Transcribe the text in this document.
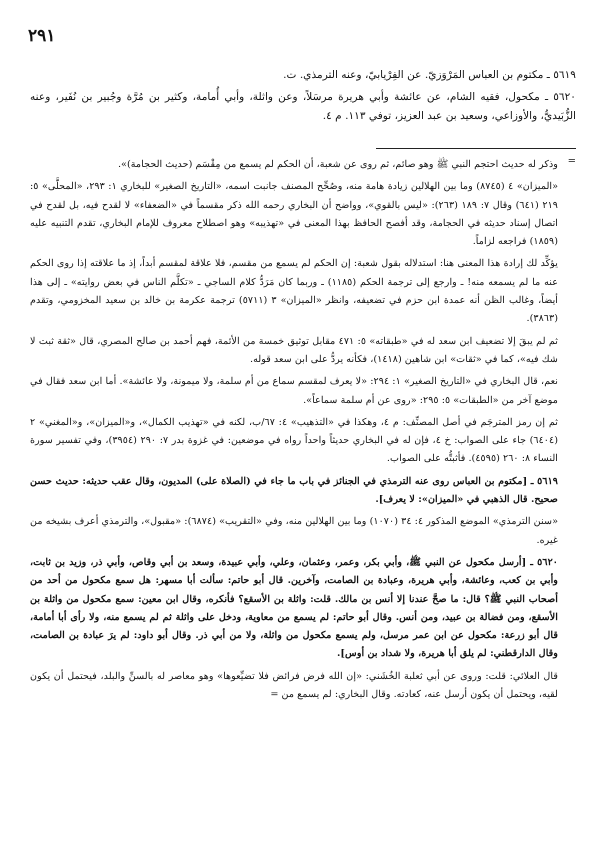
٢٩١

٥٦١٩ ـ مكتوم بن العباس المَرْوَزيّ. عن الفِرْيابيّ، وعنه الترمذي. ت.

٥٦٢٠ ـ مكحول، فقيه الشام، عن عائشة وأبي هريرة مرسَلاً، وعن واثلة، وأبي أُمامة، وكثير بن مُرَّة وجُبير بن نُفَير، وعنه الزُّبَيديُّ، والأوزاعي، وسعيد بن عبد العزيز، توفي ١١٣. م ٤.

=

وذكر له حديث احتجم النبي ﷺ وهو صائم، ثم روى عن شعبة، أن الحكم لم يسمع من مِقْسَم (حديث الحجامة)».

«الميزان» ٤ (٨٧٤٥) وما بين الهلالين زيادة هامة منه، وصُحِّح المصنف جانبت اسمه، «التاريخ الصغير» للبخاري ١: ٢٩٣، «المحلَّى» ٥: ٢١٩ (٦٤١) وقال ٧: ١٨٩ (٢٦٣): «ليس بالقوي»، وواضح أن البخاري رحمه الله ذكر مقسماً في «الضعفاء» لا لقدح فيه، بل لقدح في اتصال إسناد حديثه في الحجامة، وقد أفصح الحافظ بهذا المعنى في «تهذيبه» وهو اصطلاح معروف للإمام البخاري، تقدم التنبيه عليه (١٨٥٩) فراجعه لزاماً.

يؤكِّد لك إرادة هذا المعنى هنا: استدلاله بقول شعبة: إن الحكم لم يسمع من مقسم، فلا علاقة لمقسم أبداً، إذ ما علاقته إذا روى الحكم عنه ما لم يسمعه منه! ـ وارجع إلى ترجمة الحكم (١١٨٥) ـ وربما كان مَرَدُّ كلام الساجي ـ «تكلَّم الناس في بعض روايته» ـ إلى هذا أيضاً، وغالب الظن أنه عمدة ابن حزم في تضعيفه، وانظر «الميزان» ٣ (٥٧١١) ترجمة عكرمة بن خالد بن سعيد المخزومي، وتقدم (٣٨٦٣).

ثم لم يبقَ إلا تضعيف ابن سعد له في «طبقاته» ٥: ٤٧١ مقابل توثيق خمسة من الأئمة، فهم أحمد بن صالح المصري، قال «ثقة ثبت لا شك فيه»، كما في «ثقات» ابن شاهين (١٤١٨)، فكأنه يردُّ على ابن سعد قوله.

نعم، قال البخاري في «التاريخ الصغير» ١: ٢٩٤: «لا يعرف لمقسم سماع من أم سلمة، ولا ميمونة، ولا عائشة». أما ابن سعد فقال في موضع آخر من «الطبقات» ٥: ٢٩٥: «روى عن أم سلمة سماعاً».

ثم إن رمز المترجَم في أصل المصنِّف: م ٤، وهكذا في «التذهيب» ٤: ٦٧/ب، لكنه في «تهذيب الكمال»، و«الميزان»، و«المغني» ٢ (٦٤٠٤) جاء على الصواب: خ ٤، فإن له في البخاري حديثاً واحداً رواه في موضعين: في غزوة بدر ٧: ٢٩٠ (٣٩٥٤)، وفي تفسير سورة النساء ٨: ٢٦٠ (٤٥٩٥). فأثبتُّه على الصواب.

٥٦١٩ ـ [مكتوم بن العباس روى عنه الترمذي في الجنائز في باب ما جاء في (الصلاة على) المديون، وقال عقب حديثه: حديث حسن صحيح. قال الذهبي في «الميزان»: لا يعرف].

«سنن الترمذي» الموضع المذكور ٤: ٣٤ (١٠٧٠) وما بين الهلالين منه، وفي «التقريب» (٦٨٧٤): «مقبول»، والترمذي أعرف بشيخه من غيره.

٥٦٢٠ ـ [أرسل مكحول عن النبي ﷺ، وأبي بكر، وعمر، وعثمان، وعلي، وأبي عبيدة، وسعد بن أبي وقاص، وأبي ذر، وزيد بن ثابت، وأبي بن كعب، وعائشة، وأبي هريرة، وعبادة بن الصامت، وآخرين. قال أبو حاتم: سألت أبا مسهر: هل سمع مكحول من أحد من أصحاب النبي ﷺ؟ قال: ما صحَّ عندنا إلا أنس بن مالك. قلت: واثلة بن الأسقع؟ فأنكره، وقال ابن معين: سمع مكحول من واثلة بن الأسقع، ومن فضالة بن عبيد، ومن أنس. وقال أبو حاتم: لم يسمع من معاوية، ودخل على واثلة ثم لم يسمع منه، ولا رأى أبا أمامة، قال أبو زرعة: مكحول عن ابن عمر مرسل، ولم يسمع مكحول من واثلة، ولا من أبي ذر. وقال أبو داود: لم يرَ عبادة بن الصامت، وقال الدارقطني: لم يلق أبا هريرة، ولا شداد بن أوس].

قال العلائي: قلت: وروى عن أبي ثعلبة الخُشَني: «إن الله فرض فرائض فلا تضيِّعوها» وهو معاصر له بالسنِّ والبلد، فيحتمل أن يكون لقيه، ويحتمل أن يكون أرسل عنه، كعادته. وقال البخاري: لم يسمع من =
